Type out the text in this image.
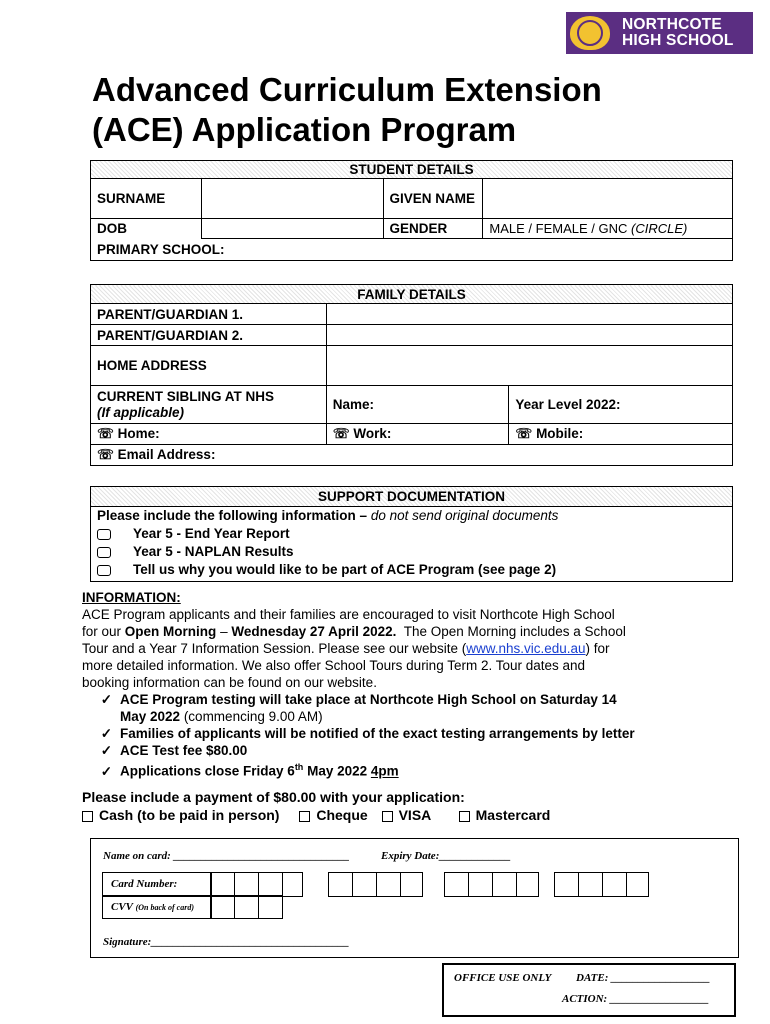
NORTHCOTE
HIGH SCHOOL
Advanced Curriculum Extension
(ACE) Application Program
STUDENT DETAILS			
SURNAME		GIVEN NAME	
DOB		GENDER	MALE / FEMALE / GNC (CIRCLE)
PRIMARY SCHOOL:			
FAMILY DETAILS		
PARENT/GUARDIAN 1.		
PARENT/GUARDIAN 2.		
HOME ADDRESS		

CURRENT SIBLING AT NHS
(If applicable)	Name:	Year Level 2022:
☏ Home:	☏ Work:	☏ Mobile:
☏ Email Address:		
SUPPORT DOCUMENTATION
Please include the following information – do not send original documents
Year 5 - End Year Report
Year 5 - NAPLAN Results
Tell us why you would like to be part of ACE Program (see page 2)
INFORMATION:
ACE Program applicants and their families are encouraged to visit Northcote High School
for our Open Morning – Wednesday 27 April 2022. The Open Morning includes a School
Tour and a Year 7 Information Session. Please see our website (www.nhs.vic.edu.au) for
more detailed information. We also offer School Tours during Term 2. Tour dates and
booking information can be found on our website.
✓ ACE Program testing will take place at Northcote High School on Saturday 14
May 2022 (commencing 9.00 AM)
✓ Families of applicants will be notified of the exact testing arrangements by letter
✓ ACE Test fee $80.00
✓ Applications close Friday 6th May 2022 4pm
Please include a payment of $80.00 with your application:
Cash (to be paid in person)	Cheque VISA	Mastercard
Name on card: ________________________________	Expiry Date:_____________
Card Number:
CVV (On back of card)
Signature:____________________________________
OFFICE USE ONLY DATE: __________________
ACTION: __________________
